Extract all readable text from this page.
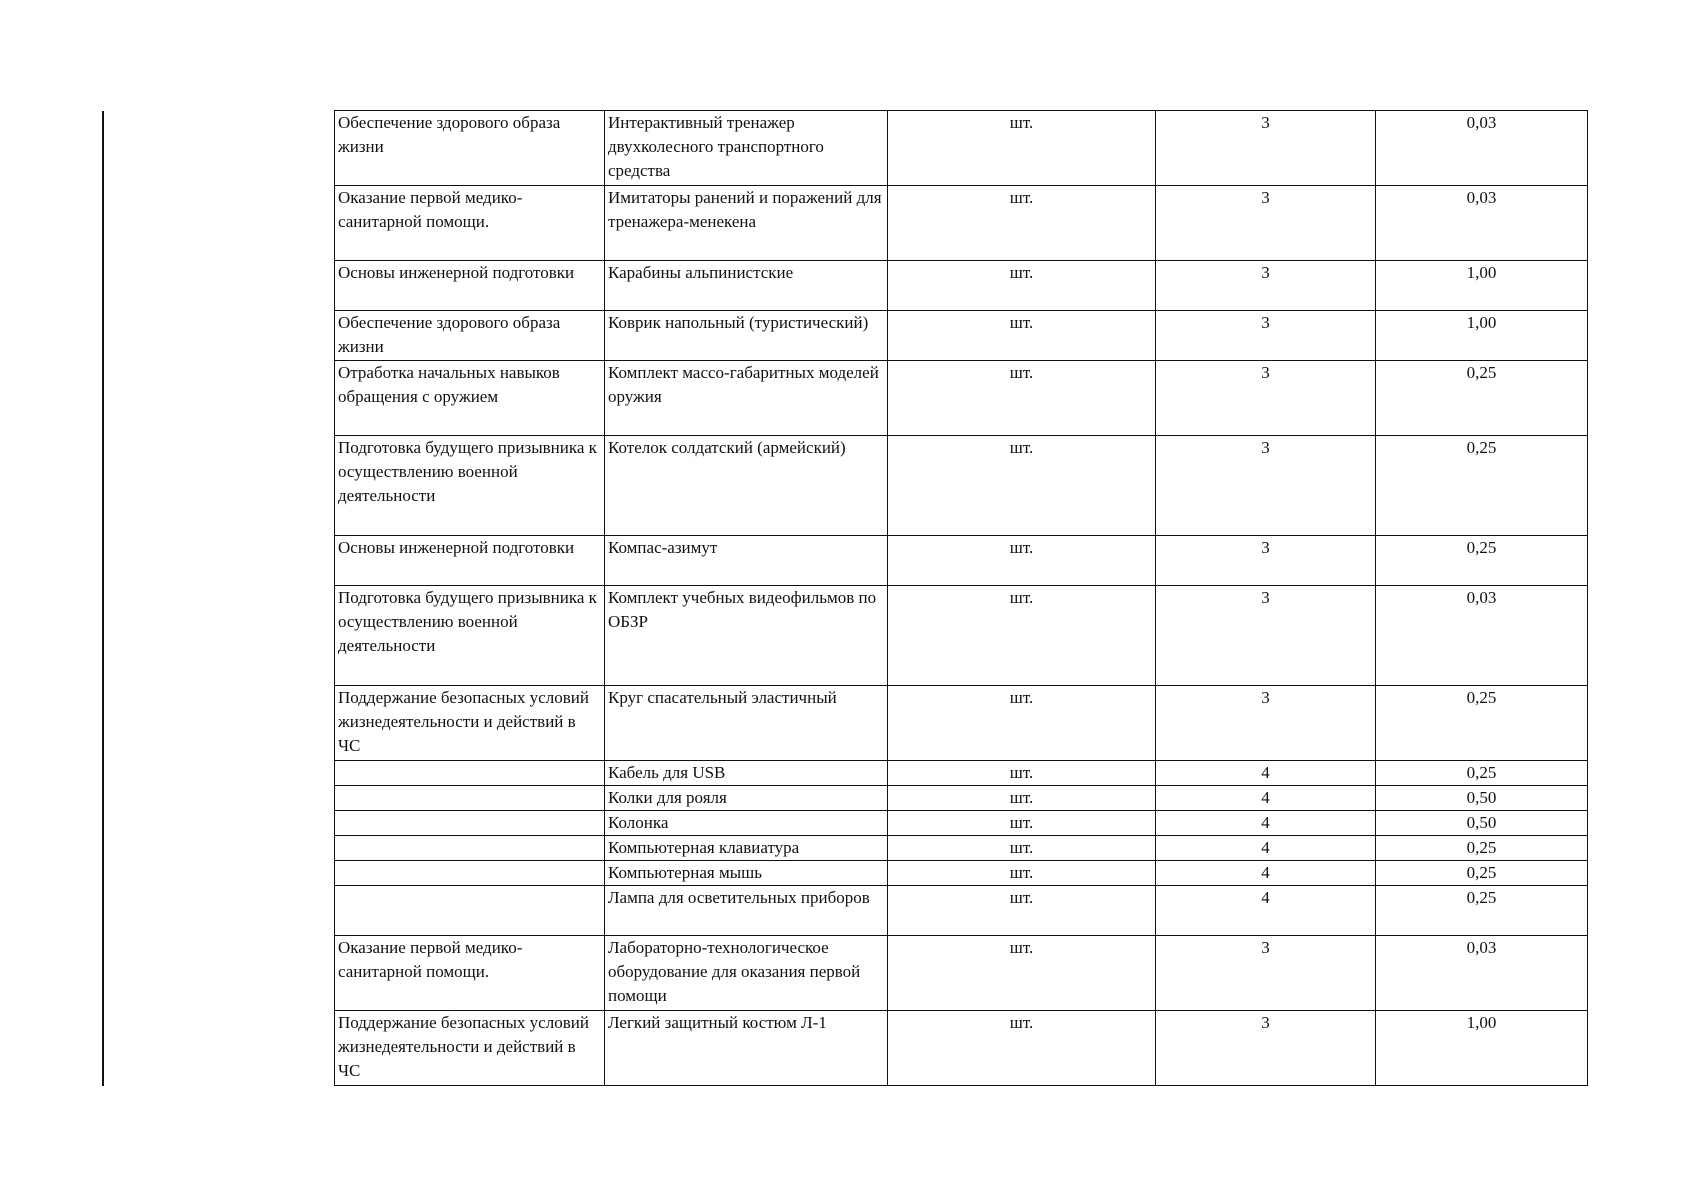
Обеспечение здорового образа жизни	Интерактивный тренажер двухколесного транспортного средства	шт.	3	0,03
Оказание первой медико-санитарной помощи.	Имитаторы ранений и поражений для тренажера-менекена	шт.	3	0,03
Основы инженерной подготовки	Карабины альпинистские	шт.	3	1,00
Обеспечение здорового образа жизни	Коврик напольный (туристический)	шт.	3	1,00
Отработка начальных навыков обращения с оружием	Комплект массо-габаритных моделей оружия	шт.	3	0,25
Подготовка будущего призывника к осуществлению военной деятельности	Котелок солдатский (армейский)	шт.	3	0,25
Основы инженерной подготовки	Компас-азимут	шт.	3	0,25
Подготовка будущего призывника к осуществлению военной деятельности	Комплект учебных видеофильмов по ОБЗР	шт.	3	0,03
Поддержание безопасных условий жизнедеятельности и действий в ЧС	Круг спасательный эластичный	шт.	3	0,25
	Кабель для USB	шт.	4	0,25
	Колки для рояля	шт.	4	0,50
	Колонка	шт.	4	0,50
	Компьютерная клавиатура	шт.	4	0,25
	Компьютерная мышь	шт.	4	0,25
	Лампа для осветительных приборов	шт.	4	0,25
Оказание первой медико-санитарной помощи.	Лабораторно-технологическое оборудование для оказания первой помощи	шт.	3	0,03
Поддержание безопасных условий жизнедеятельности и действий в ЧС	Легкий защитный костюм Л-1	шт.	3	1,00
